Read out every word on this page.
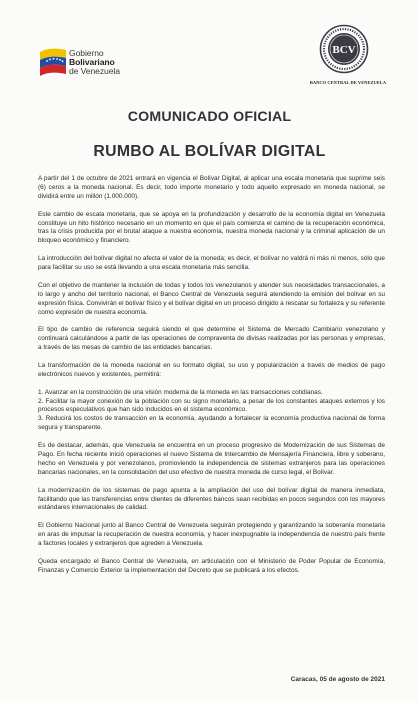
Gobierno
Bolivariano
de Venezuela
BCV
BANCO CENTRAL DE VENEZUELA
COMUNICADO OFICIAL
RUMBO AL BOLÍVAR DIGITAL

A partir del 1 de octubre de 2021 entrará en vigencia el Bolívar Digital, al aplicar una escala monetaria que suprime seis (6) ceros a la moneda nacional. Es decir, todo importe monetario y todo aquello expresado en moneda nacional, se dividirá entre un millón (1.000.000).

Este cambio de escala monetaria, que se apoya en la profundización y desarrollo de la economía digital en Venezuela constituye un hito histórico necesario en un momento en que el país comienza el camino de la recuperación económica, tras la crisis producida por el brutal ataque a nuestra economía, nuestra moneda nacional y la criminal aplicación de un bloqueo económico y financiero.

La introducción del bolívar digital no afecta el valor de la moneda; es decir, el bolívar no valdrá ni más ni menos, sólo que para facilitar su uso se está llevando a una escala monetaria más sencilla.

Con el objetivo de mantener la inclusión de todas y todos los venezolanos y atender sus necesidades transaccionales, a lo largo y ancho del territorio nacional, el Banco Central de Venezuela seguirá atendiendo la emisión del bolívar en su expresión física. Convivirán el bolívar físico y el bolívar digital en un proceso dirigido a rescatar su fortaleza y su referente como expresión de nuestra economía.

El tipo de cambio de referencia seguirá siendo el que determine el Sistema de Mercado Cambiario venezolano y continuará calculándose a partir de las operaciones de compraventa de divisas realizadas por las personas y empresas, a través de las mesas de cambio de las entidades bancarias.

La transformación de la moneda nacional en su formato digital, su uso y popularización a través de medios de pago electrónicos nuevos y existentes, permitirá:

1. Avanzar en la construcción de una visión moderna de la moneda en las transacciones cotidianas.
2. Facilitar la mayor conexión de la población con su signo monetario, a pesar de los constantes ataques externos y los procesos especulativos que han sido inducidos en el sistema económico.
3. Reducirá los costos de transacción en la economía, ayudando a fortalecer la economía productiva nacional de forma segura y transparente.

Es de destacar, además, que Venezuela se encuentra en un proceso progresivo de Modernización de sus Sistemas de Pago. En fecha reciente inició operaciones el nuevo Sistema de Intercambio de Mensajería Financiera, libre y soberano, hecho en Venezuela y por venezolanos, promoviendo la independencia de sistemas extranjeros para las operaciones bancarias nacionales, en la consolidación del uso efectivo de nuestra moneda de curso legal, el Bolívar.

La modernización de los sistemas de pago apunta a la ampliación del uso del bolívar digital de manera inmediata, facilitando que las transferencias entre clientes de diferentes bancos sean recibidas en pocos segundos con los mayores estándares internacionales de calidad.

El Gobierno Nacional junto al Banco Central de Venezuela seguirán protegiendo y garantizando la soberanía monetaria en aras de impulsar la recuperación de nuestra economía, y hacer inexpugnable la independencia de nuestro país frente a factores locales y extranjeros que agreden a Venezuela.

Queda encargado el Banco Central de Venezuela, en articulación con el Ministerio de Poder Popular de Economía, Finanzas y Comercio Exterior la implementación del Decreto que se publicará a los efectos.

Caracas, 05 de agosto de 2021
